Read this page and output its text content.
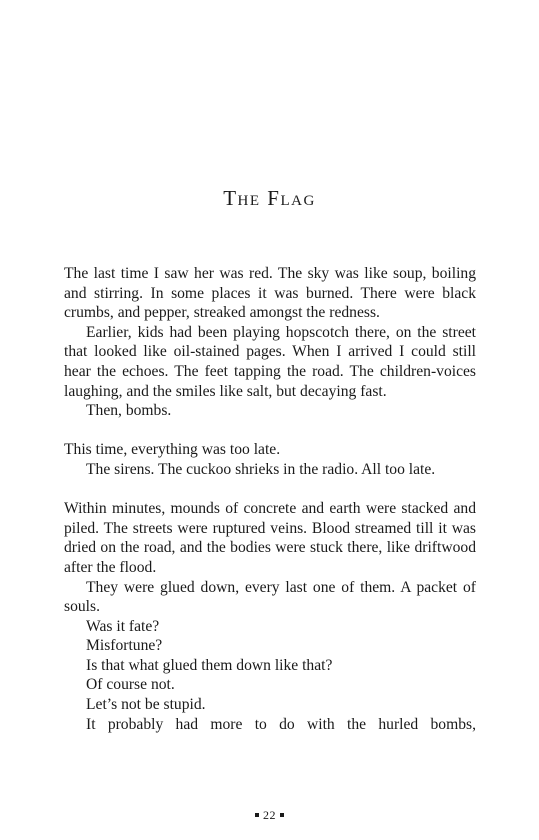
The Flag

The last time I saw her was red. The sky was like soup, boiling and stirring. In some places it was burned. There were black crumbs, and pepper, streaked amongst the redness.

Earlier, kids had been playing hopscotch there, on the street that looked like oil-stained pages. When I arrived I could still hear the echoes. The feet tapping the road. The children-voices laughing, and the smiles like salt, but decaying fast.

Then, bombs.

This time, everything was too late.

The sirens. The cuckoo shrieks in the radio. All too late.

Within minutes, mounds of concrete and earth were stacked and piled. The streets were ruptured veins. Blood streamed till it was dried on the road, and the bodies were stuck there, like driftwood after the flood.

They were glued down, every last one of them. A packet of souls.

Was it fate?

Misfortune?

Is that what glued them down like that?

Of course not.

Let’s not be stupid.

It probably had more to do with the hurled bombs,

22
